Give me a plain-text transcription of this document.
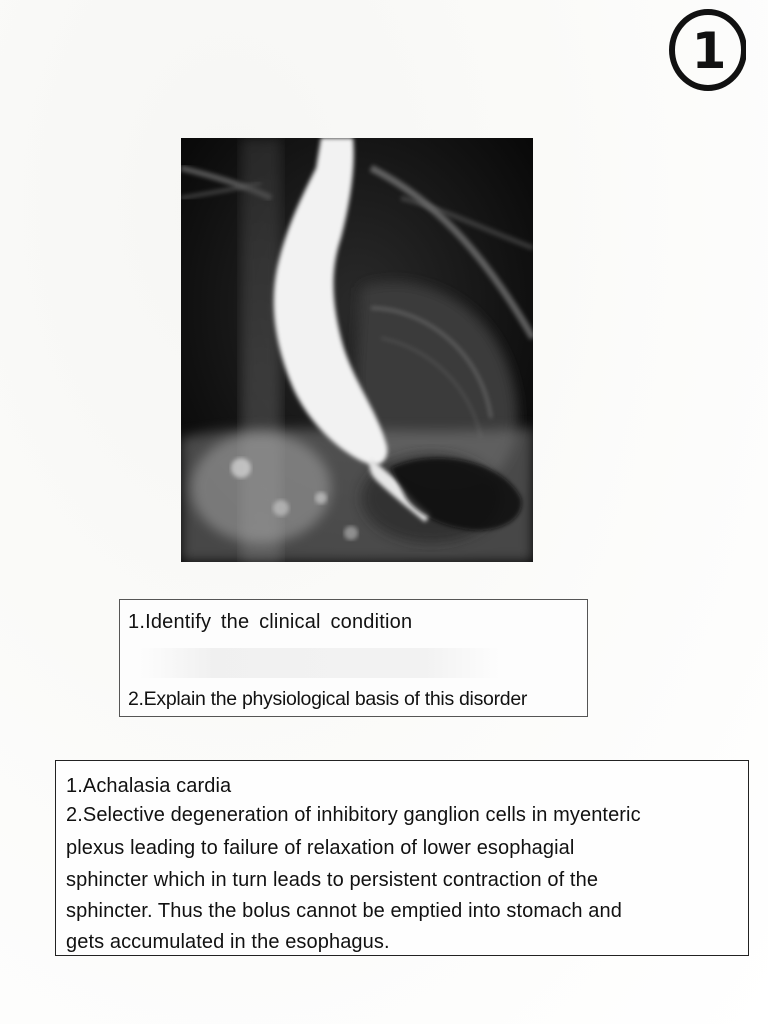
1
1.Identify the clinical condition
2.Explain the physiological basis of this disorder
1.Achalasia cardia
2.Selective degeneration of inhibitory ganglion cells in myenteric
plexus leading to failure of relaxation of lower esophagial
sphincter which in turn leads to persistent contraction of the
sphincter. Thus the bolus cannot be emptied into stomach and
gets accumulated in the esophagus.
